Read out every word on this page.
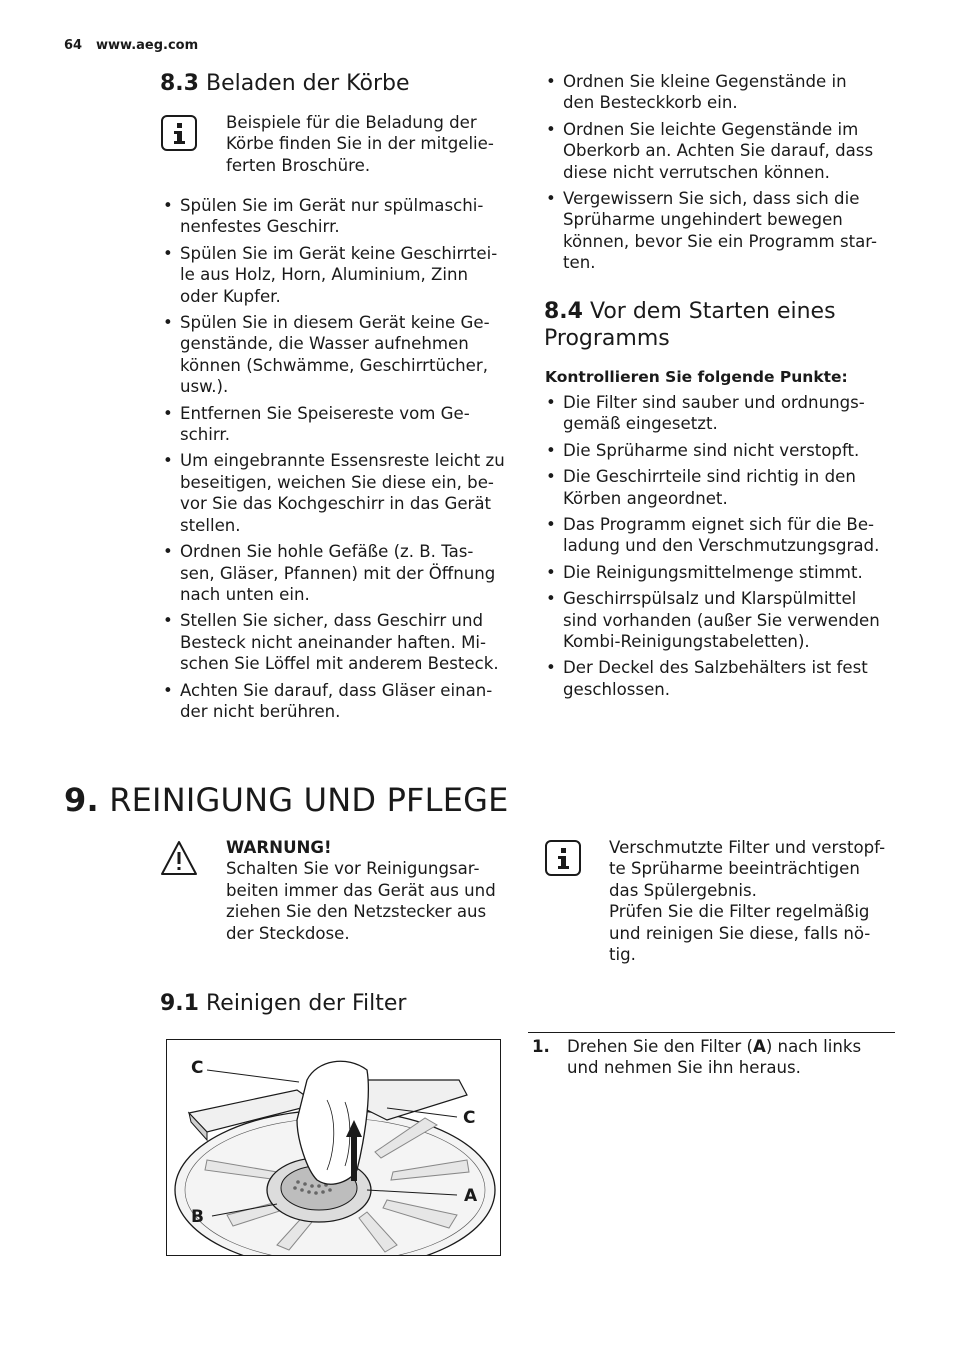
64 www.aeg.com
8.3 Beladen der Körbe
Beispiele für die Beladung der
Körbe finden Sie in der mitgelie-
ferten Broschüre.
• Spülen Sie im Gerät nur spülmaschi-
nenfestes Geschirr.
• Spülen Sie im Gerät keine Geschirrtei-
le aus Holz, Horn, Aluminium, Zinn
oder Kupfer.
• Spülen Sie in diesem Gerät keine Ge-
genstände, die Wasser aufnehmen
können (Schwämme, Geschirrtücher,
usw.).
• Entfernen Sie Speisereste vom Ge-
schirr.
• Um eingebrannte Essensreste leicht zu
beseitigen, weichen Sie diese ein, be-
vor Sie das Kochgeschirr in das Gerät
stellen.
• Ordnen Sie hohle Gefäße (z. B. Tas-
sen, Gläser, Pfannen) mit der Öffnung
nach unten ein.
• Stellen Sie sicher, dass Geschirr und
Besteck nicht aneinander haften. Mi-
schen Sie Löffel mit anderem Besteck.
• Achten Sie darauf, dass Gläser einan-
der nicht berühren.
• Ordnen Sie kleine Gegenstände in
den Besteckkorb ein.
• Ordnen Sie leichte Gegenstände im
Oberkorb an. Achten Sie darauf, dass
diese nicht verrutschen können.
• Vergewissern Sie sich, dass sich die
Sprüharme ungehindert bewegen
können, bevor Sie ein Programm star-
ten.
8.4 Vor dem Starten eines
Programms
Kontrollieren Sie folgende Punkte:
• Die Filter sind sauber und ordnungs-
gemäß eingesetzt.
• Die Sprüharme sind nicht verstopft.
• Die Geschirrteile sind richtig in den
Körben angeordnet.
• Das Programm eignet sich für die Be-
ladung und den Verschmutzungsgrad.
• Die Reinigungsmittelmenge stimmt.
• Geschirrspülsalz und Klarspülmittel
sind vorhanden (außer Sie verwenden
Kombi-Reinigungstabeletten).
• Der Deckel des Salzbehälters ist fest
geschlossen.
9. REINIGUNG UND PFLEGE
WARNUNG!
Schalten Sie vor Reinigungsar-
beiten immer das Gerät aus und
ziehen Sie den Netzstecker aus
der Steckdose.
Verschmutzte Filter und verstopf-
te Sprüharme beeinträchtigen
das Spülergebnis.
Prüfen Sie die Filter regelmäßig
und reinigen Sie diese, falls nö-
tig.
9.1 Reinigen der Filter
C
C
A
B
1. Drehen Sie den Filter (A) nach links
und nehmen Sie ihn heraus.
